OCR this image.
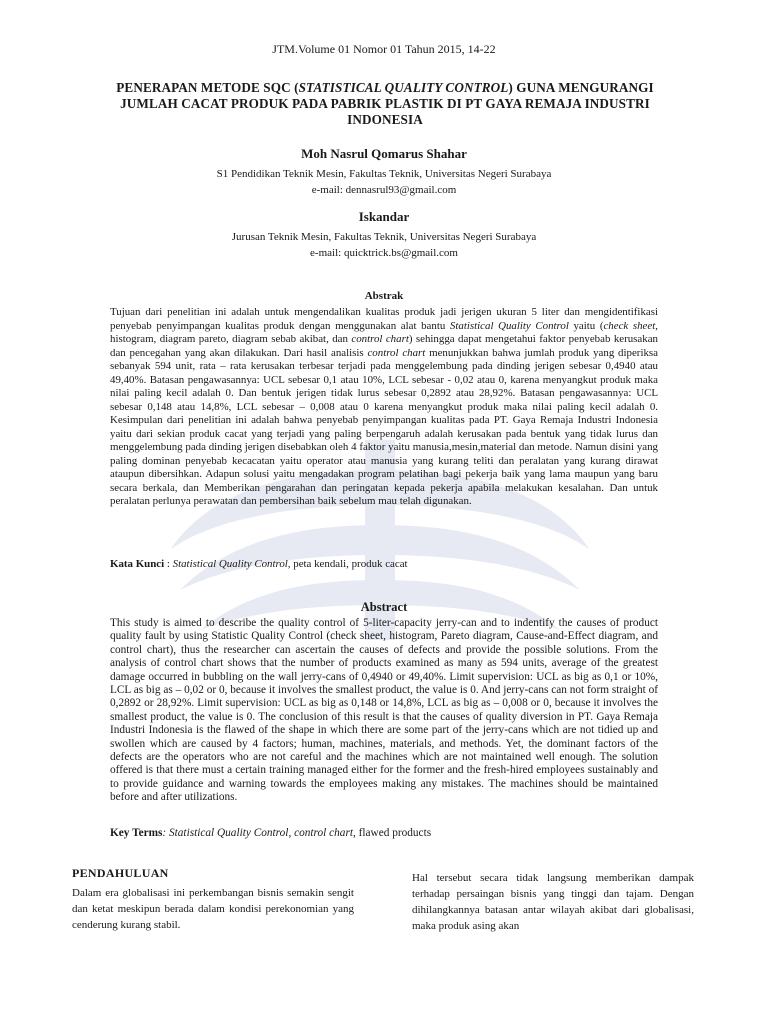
JTM.Volume 01 Nomor 01 Tahun 2015, 14-22
PENERAPAN METODE SQC (STATISTICAL QUALITY CONTROL) GUNA MENGURANGI JUMLAH CACAT PRODUK PADA PABRIK PLASTIK DI PT GAYA REMAJA INDUSTRI INDONESIA
Moh Nasrul Qomarus Shahar
S1 Pendidikan Teknik Mesin, Fakultas Teknik, Universitas Negeri Surabaya
e-mail: dennasrul93@gmail.com
Iskandar
Jurusan Teknik Mesin, Fakultas Teknik, Universitas Negeri Surabaya
e-mail: quicktrick.bs@gmail.com
Abstrak

Tujuan dari penelitian ini adalah untuk mengendalikan kualitas produk jadi jerigen ukuran 5 liter dan mengidentifikasi penyebab penyimpangan kualitas produk dengan menggunakan alat bantu Statistical Quality Control yaitu (check sheet, histogram, diagram pareto, diagram sebab akibat, dan control chart) sehingga dapat mengetahui faktor penyebab kerusakan dan pencegahan yang akan dilakukan. Dari hasil analisis control chart menunjukkan bahwa jumlah produk yang diperiksa sebanyak 594 unit, rata – rata kerusakan terbesar terjadi pada menggelembung pada dinding jerigen sebesar 0,4940 atau 49,40%. Batasan pengawasannya: UCL sebesar 0,1 atau 10%, LCL sebesar - 0,02 atau 0, karena menyangkut produk maka nilai paling kecil adalah 0. Dan bentuk jerigen tidak lurus sebesar 0,2892 atau 28,92%. Batasan pengawasannya: UCL sebesar 0,148 atau 14,8%, LCL sebesar – 0,008 atau 0 karena menyangkut produk maka nilai paling kecil adalah 0. Kesimpulan dari penelitian ini adalah bahwa penyebab penyimpangan kualitas pada PT. Gaya Remaja Industri Indonesia yaitu dari sekian produk cacat yang terjadi yang paling berpengaruh adalah kerusakan pada bentuk yang tidak lurus dan menggelembung pada dinding jerigen disebabkan oleh 4 faktor yaitu manusia,mesin,material dan metode. Namun disini yang paling dominan penyebab kecacatan yaitu operator atau manusia yang kurang teliti dan peralatan yang kurang dirawat ataupun dibersihkan. Adapun solusi yaitu mengadakan program pelatihan bagi pekerja baik yang lama maupun yang baru secara berkala, dan Memberikan pengarahan dan peringatan kepada pekerja apabila melakukan kesalahan. Dan untuk peralatan perlunya perawatan dan pembersihan baik sebelum mau telah digunakan.

Kata Kunci : Statistical Quality Control, peta kendali, produk cacat
Abstract

This study is aimed to describe the quality control of 5-liter-capacity jerry-can and to indentify the causes of product quality fault by using Statistic Quality Control (check sheet, histogram, Pareto diagram, Cause-and-Effect diagram, and control chart), thus the researcher can ascertain the causes of defects and provide the possible solutions. From the analysis of control chart shows that the number of products examined as many as 594 units, average of the greatest damage occurred in bubbling on the wall jerry-cans of 0,4940 or 49,40%. Limit supervision: UCL as big as 0,1 or 10%, LCL as big as – 0,02 or 0, because it involves the smallest product, the value is 0. And jerry-cans can not form straight of 0,2892 or 28,92%. Limit supervision: UCL as big as 0,148 or 14,8%, LCL as big as – 0,008 or 0, because it involves the smallest product, the value is 0. The conclusion of this result is that the causes of quality diversion in PT. Gaya Remaja Industri Indonesia is the flawed of the shape in which there are some part of the jerry-cans which are not tidied up and swollen which are caused by 4 factors; human, machines, materials, and methods. Yet, the dominant factors of the defects are the operators who are not careful and the machines which are not maintained well enough. The solution offered is that there must a certain training managed either for the former and the fresh-hired employees sustainably and to provide guidance and warning towards the employees making any mistakes. The machines should be maintained before and after utilizations.

Key Terms: Statistical Quality Control, control chart, flawed products
PENDAHULUAN

Dalam era globalisasi ini perkembangan bisnis semakin sengit dan ketat meskipun berada dalam kondisi perekonomian yang cenderung kurang stabil.

Hal tersebut secara tidak langsung memberikan dampak terhadap persaingan bisnis yang tinggi dan tajam. Dengan dihilangkannya batasan antar wilayah akibat dari globalisasi, maka produk asing akan
